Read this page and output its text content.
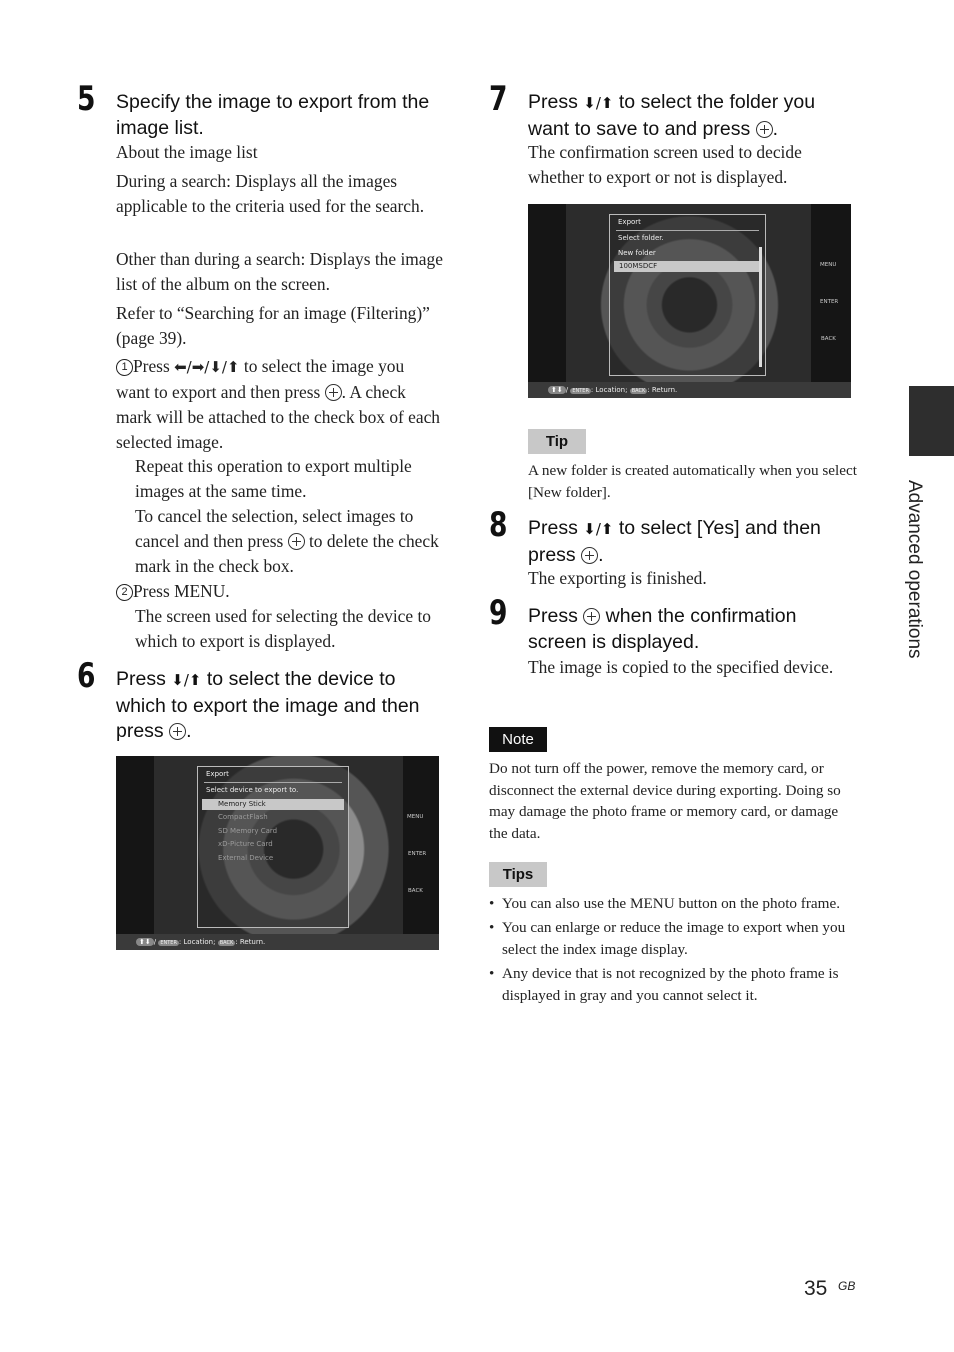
5 Specify the image to export from the image list.
About the image list
During a search: Displays all the images applicable to the criteria used for the search.
Other than during a search: Displays the image list of the album on the screen.
Refer to “Searching for an image (Filtering)” (page 39).
1 Press ⬅/➡/⬇/⬆ to select the image you want to export and then press . A check mark will be attached to the check box of each selected image.
Repeat this operation to export multiple images at the same time.
To cancel the selection, select images to cancel and then press  to delete the check mark in the check box.
2 Press MENU.
The screen used for selecting the device to which to export is displayed.
6 Press ⬇/⬆ to select the device to which to export the image and then press .
Export
Select device to export to.
Memory Stick
CompactFlash
SD Memory Card
xD-Picture Card
External Device
MENU
ENTER
BACK
⬆⬇ / ENTER : Location; BACK : Return.
7 Press ⬇/⬆ to select the folder you want to save to and press .
The confirmation screen used to decide whether to export or not is displayed.
Export
Select folder.
New folder
100MSDCF	MENU
ENTER
BACK
⬆⬇ / ENTER : Location; BACK : Return.
Tip
A new folder is created automatically when you select [New folder].
8 Press ⬇/⬆ to select [Yes] and then press .
The exporting is finished.
9 Press  when the confirmation screen is displayed.
The image is copied to the specified device.
Note
Do not turn off the power, remove the memory card, or disconnect the external device during exporting. Doing so may damage the photo frame or memory card, or damage the data.
Tips
• You can also use the MENU button on the photo frame.
• You can enlarge or reduce the image to export when you select the index image display.
• Any device that is not recognized by the photo frame is displayed in gray and you cannot select it.
Advanced operations
35 GB
